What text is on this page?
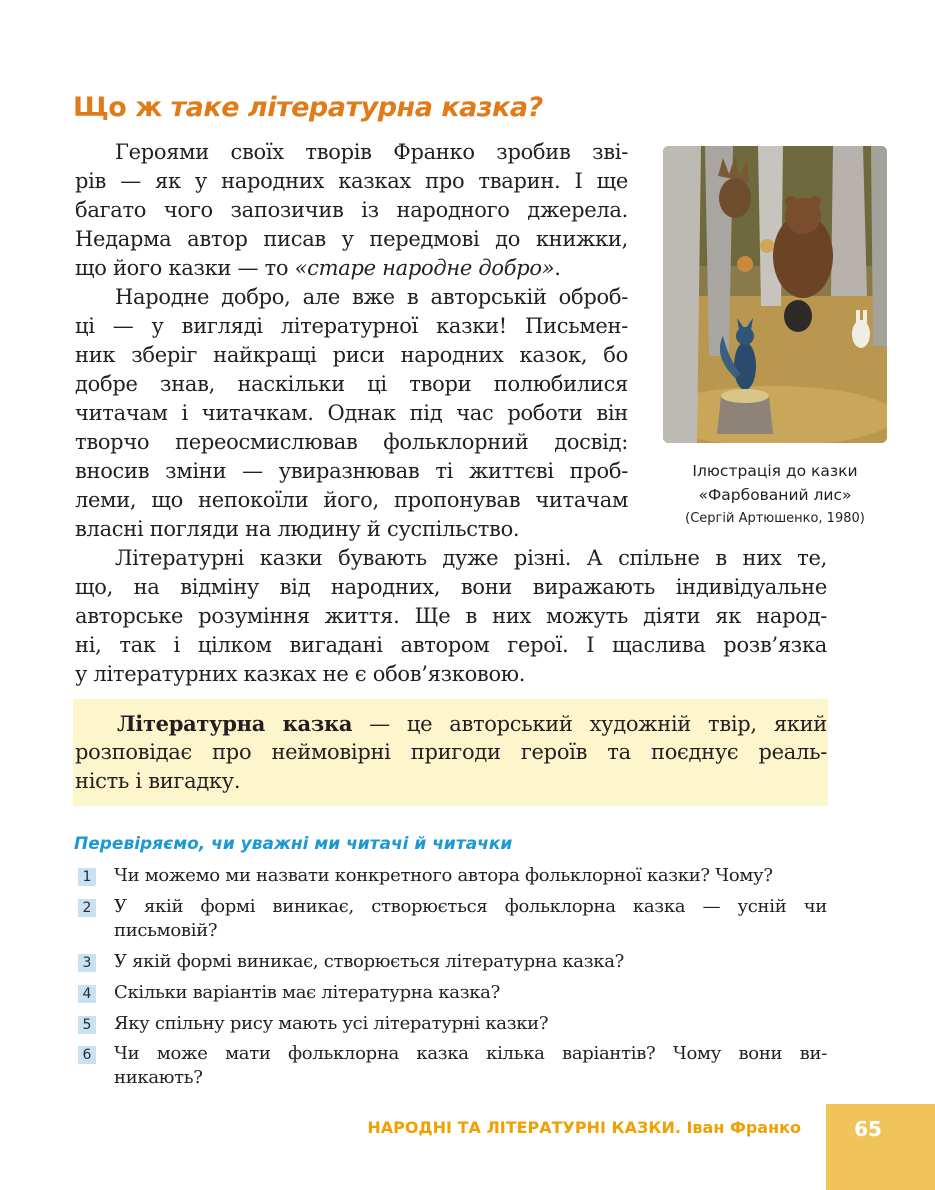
Що ж таке літературна казка?

Героями своїх творів Франко зробив зві-

рів — як у народних казках про тварин. І ще

багато чого запозичив із народного джерела.

Недарма автор писав у передмові до книжки,

що його казки — то «старе народне добро».

Народне добро, але вже в авторській оброб-

ці — у вигляді літературної казки! Письмен-

ник зберіг найкращі риси народних казок, бо

добре знав, наскільки ці твори полюбилися

читачам і читачкам. Однак під час роботи він

творчо переосмислював фольклорний досвід:

вносив зміни — увиразнював ті життєві проб-

леми, що непокоїли його, пропонував читачам

власні погляди на людину й суспільство.

Літературні казки бувають дуже різні. А спільне в них те,

що, на відміну від народних, вони виражають індивідуальне

авторське розуміння життя. Ще в них можуть діяти як народ-

ні, так і цілком вигадані автором герої. І щаслива розв’язка

у літературних казках не є обов’язковою.

Ілюстрація до казки

«Фарбований лис»

(Сергій Артюшенко, 1980)

Літературна казка — це авторський художній твір, який

розповідає про неймовірні пригоди героїв та поєднує реаль-

ність і вигадку.

Перевіряємо, чи уважні ми читачі й читачки

1 Чи можемо ми назвати конкретного автора фольклорної казки? Чому?

2 У якій формі виникає, створюється фольклорна казка — усній чи

письмовій?

3 У якій формі виникає, створюється літературна казка?

4 Скільки варіантів має літературна казка?

5 Яку спільну рису мають усі літературні казки?

6 Чи може мати фольклорна казка кілька варіантів? Чому вони ви-

никають?

НАРОДНІ ТА ЛІТЕРАТУРНІ КАЗКИ. Іван Франко	65
